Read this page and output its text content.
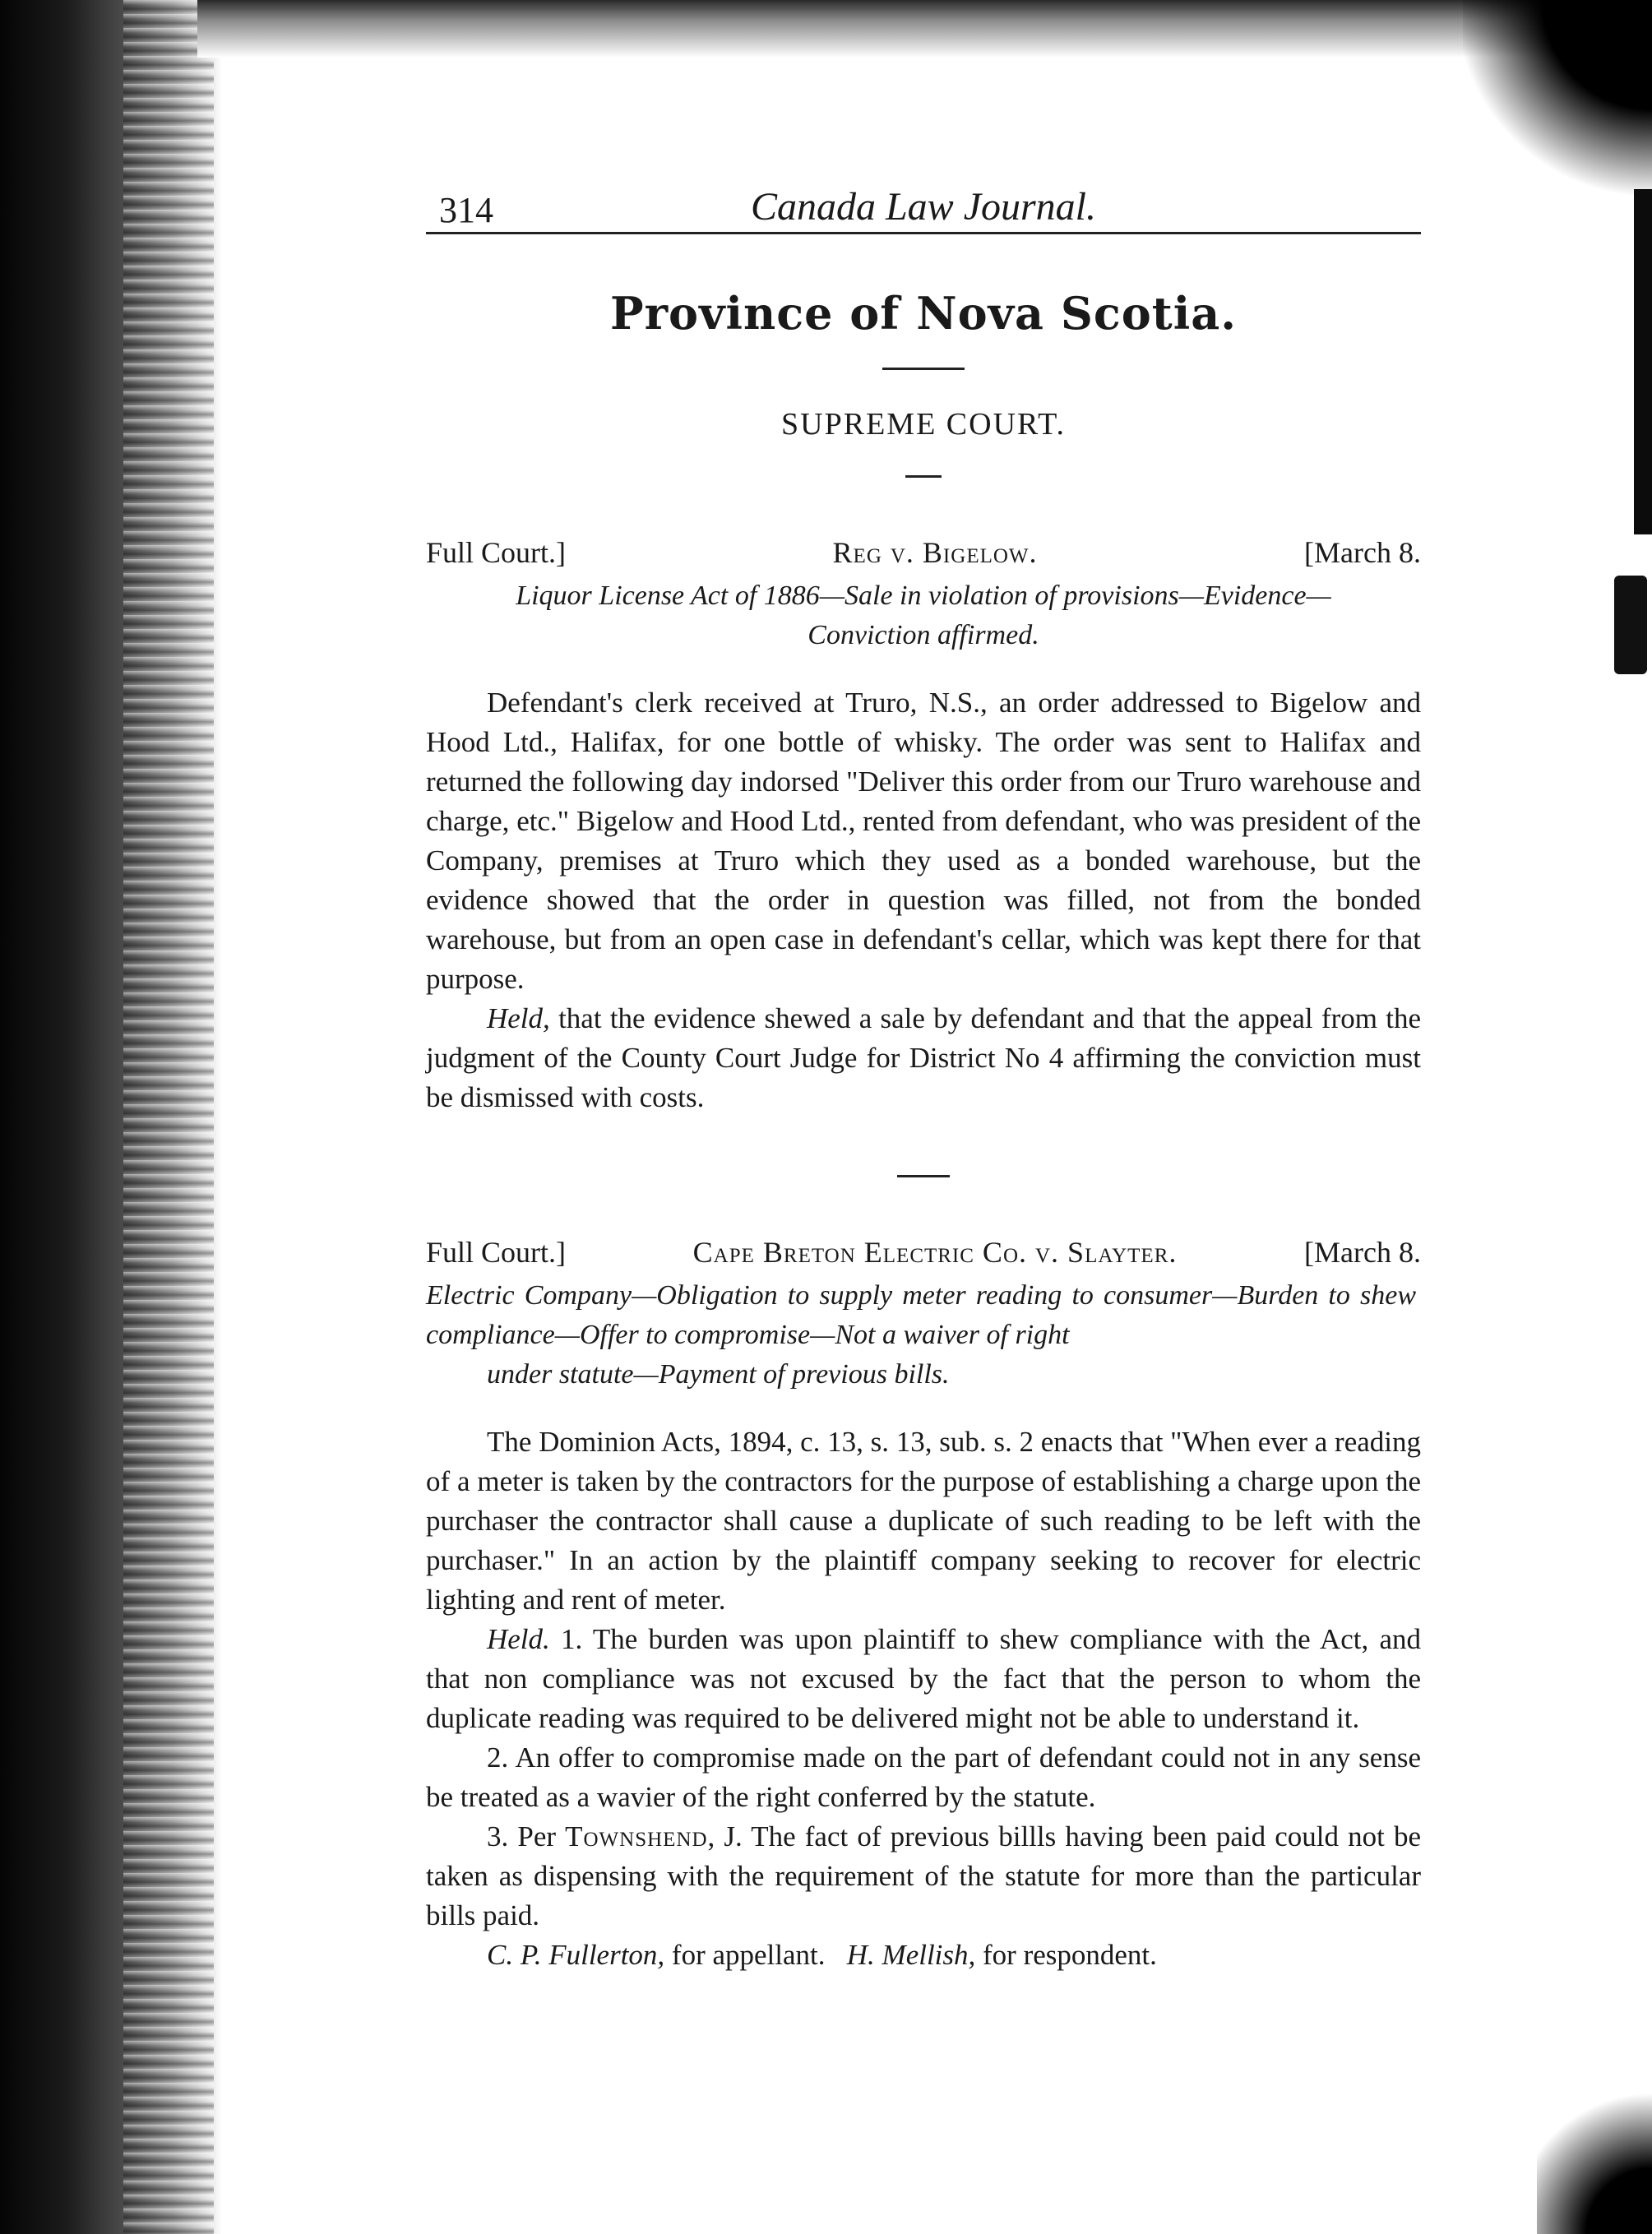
314	Canada Law Journal.
Province of Nova Scotia.
SUPREME COURT.
Full Court.]	Reg v. Bigelow.	[March 8.
Liquor License Act of 1886—Sale in violation of provisions—Evidence—
Conviction affirmed.

Defendant's clerk received at Truro, N.S., an order addressed to Bigelow and Hood Ltd., Halifax, for one bottle of whisky. The order was sent to Halifax and returned the following day indorsed "Deliver this order from our Truro warehouse and charge, etc." Bigelow and Hood Ltd., rented from defendant, who was president of the Company, premises at Truro which they used as a bonded warehouse, but the evidence showed that the order in question was filled, not from the bonded warehouse, but from an open case in defendant's cellar, which was kept there for that purpose.

Held, that the evidence shewed a sale by defendant and that the appeal from the judgment of the County Court Judge for District No 4 affirming the conviction must be dismissed with costs.

Full Court.]	Cape Breton Electric Co. v. Slayter.	[March 8.
Electric Company—Obligation to supply meter reading to consumer—Burden to shew compliance—Offer to compromise—Not a waiver of right
under statute—Payment of previous bills.

The Dominion Acts, 1894, c. 13, s. 13, sub. s. 2 enacts that "When ever a reading of a meter is taken by the contractors for the purpose of establishing a charge upon the purchaser the contractor shall cause a duplicate of such reading to be left with the purchaser." In an action by the plaintiff company seeking to recover for electric lighting and rent of meter.

Held. 1. The burden was upon plaintiff to shew compliance with the Act, and that non compliance was not excused by the fact that the person to whom the duplicate reading was required to be delivered might not be able to understand it.

2. An offer to compromise made on the part of defendant could not in any sense be treated as a wavier of the right conferred by the statute.

3. Per Townshend, J. The fact of previous billls having been paid could not be taken as dispensing with the requirement of the statute for more than the particular bills paid.

C. P. Fullerton, for appellant. H. Mellish, for respondent.
